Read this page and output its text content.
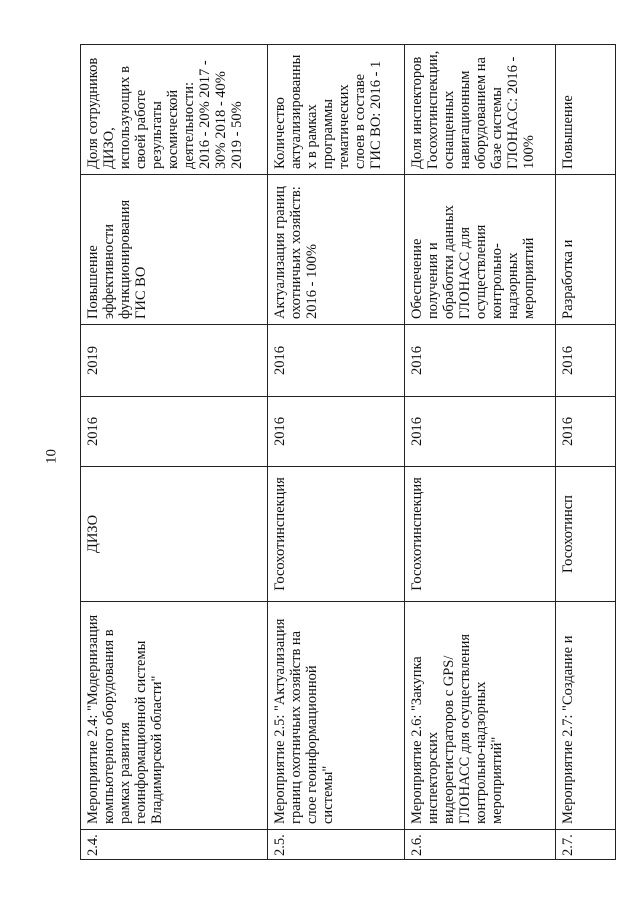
10
2.4.	Мероприятие 2.4: "Модернизация компьютерного оборудования в рамках развития геоинформационной системы Владимирской области"	ДИЗО	2016	2019	Повышение эффективности функционирования ГИС ВО	Доля сотрудников ДИЗО, использующих в своей работе результаты космической деятельности: 2016 - 20% 2017 - 30% 2018 - 40% 2019 - 50%
2.5.	Мероприятие 2.5: "Актуализация границ охотничьих хозяйств на слое геоинформационной системы"	Госохотинспекция	2016	2016	Актуализация границ охотничьих хозяйств: 2016 - 100%	Количество актуализированных в рамках программы тематических слоев в составе ГИС ВО: 2016 - 1
2.6.	Мероприятие 2.6: "Закупка инспекторских видеорегистраторов с GPS/ГЛОНАСС для осуществления контрольно-надзорных мероприятий"	Госохотинспекция	2016	2016	Обеспечение получения и обработки данных ГЛОНАСС для осуществления контрольно-надзорных мероприятий	Доля инспекторов Госохотинспекции, оснащенных навигационным оборудованием на базе системы ГЛОНАСС: 2016 - 100%
2.7.	Мероприятие 2.7: "Создание и	Госохотинсп	2016	2016	Разработка и	Повышение
